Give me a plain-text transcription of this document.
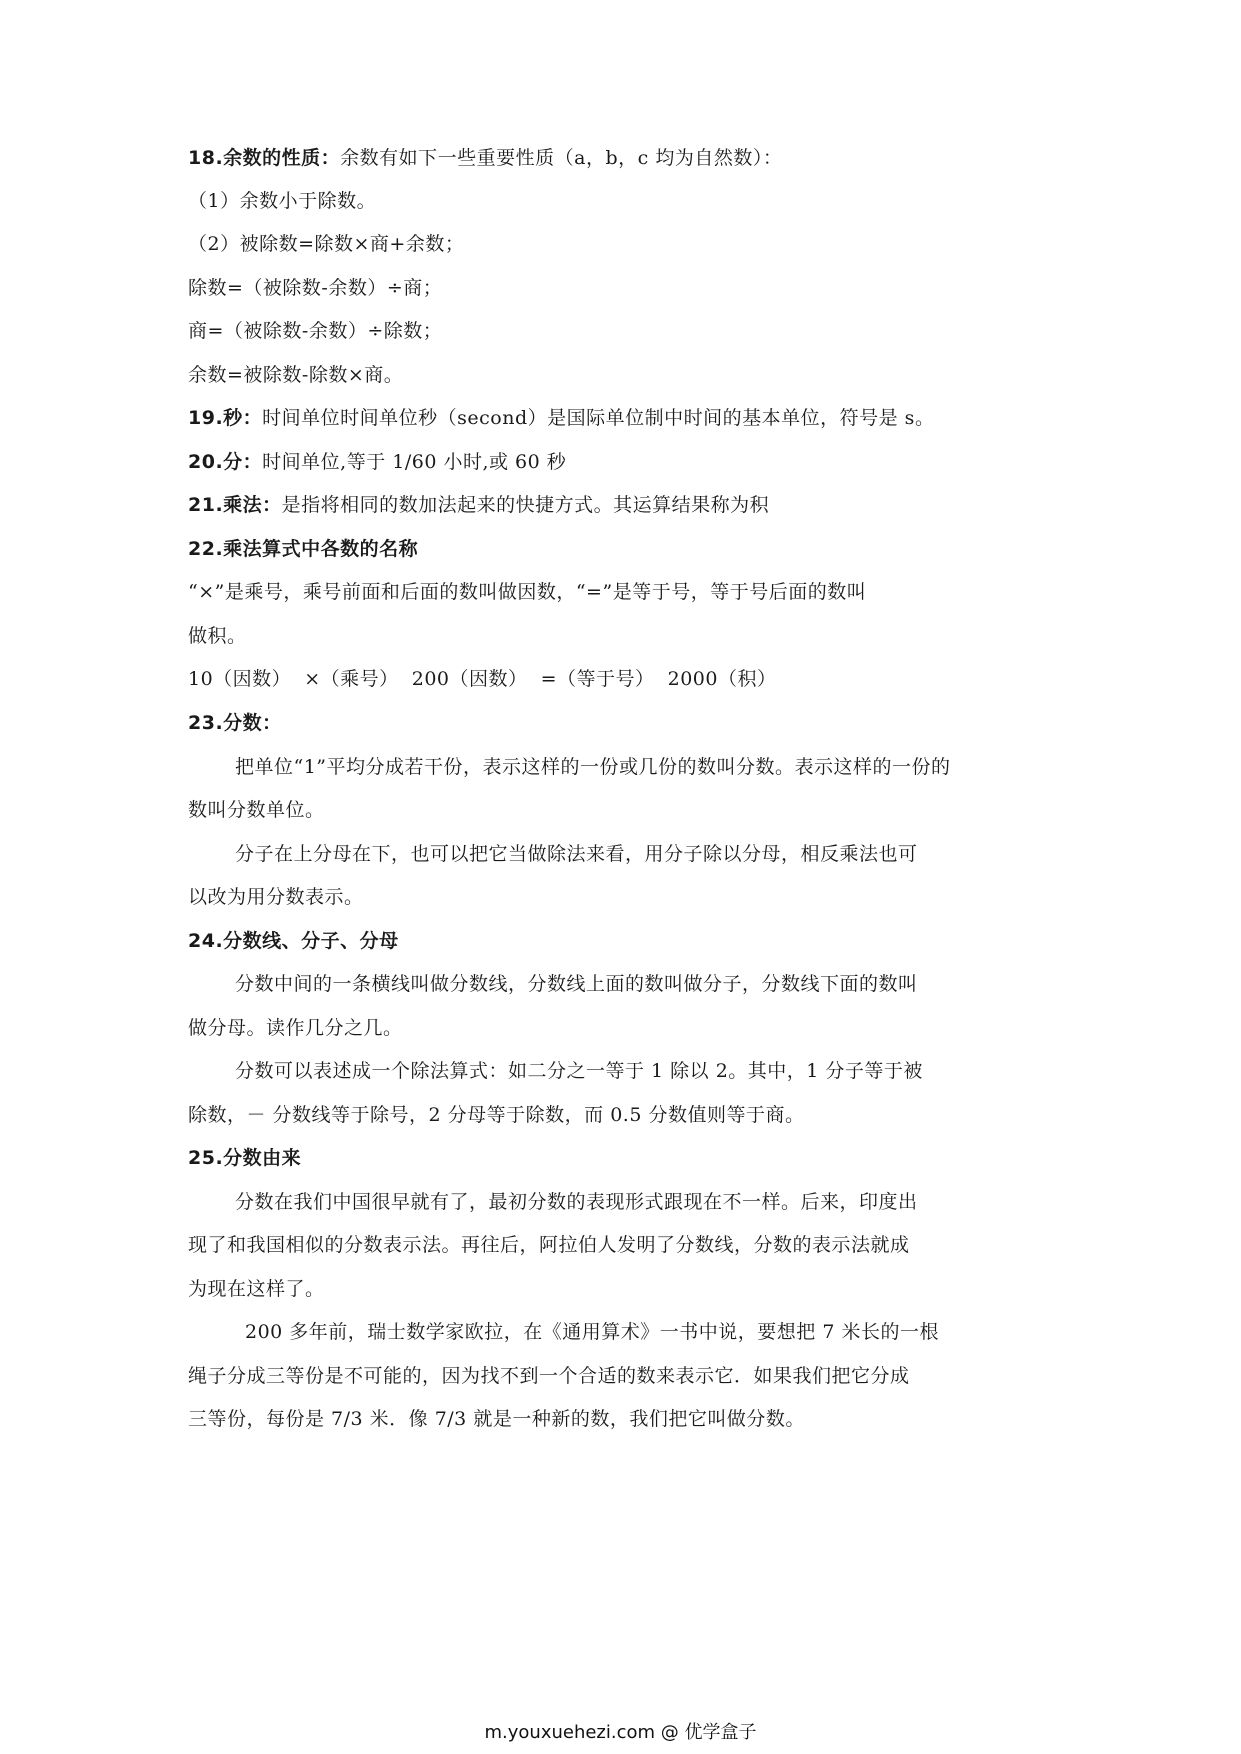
18.余数的性质：余数有如下一些重要性质（a，b，c 均为自然数）：
（1）余数小于除数。
（2）被除数=除数×商+余数；
除数=（被除数-余数）÷商；
商=（被除数-余数）÷除数；
余数=被除数-除数×商。
19.秒：时间单位时间单位秒（second）是国际单位制中时间的基本单位，符号是 s。
20.分：时间单位,等于 1/60 小时,或 60 秒
21.乘法：是指将相同的数加法起来的快捷方式。其运算结果称为积
22.乘法算式中各数的名称
“×”是乘号，乘号前面和后面的数叫做因数，“=”是等于号，等于号后面的数叫
做积。
10（因数）  ×（乘号）  200（因数）  =（等于号）  2000（积）
23.分数：
把单位“1”平均分成若干份，表示这样的一份或几份的数叫分数。表示这样的一份的
数叫分数单位。
分子在上分母在下，也可以把它当做除法来看，用分子除以分母，相反乘法也可
以改为用分数表示。
24.分数线、分子、分母
分数中间的一条横线叫做分数线，分数线上面的数叫做分子，分数线下面的数叫
做分母。读作几分之几。
分数可以表述成一个除法算式：如二分之一等于 1 除以 2。其中，1 分子等于被
除数，－ 分数线等于除号，2 分母等于除数，而 0.5 分数值则等于商。
25.分数由来
分数在我们中国很早就有了，最初分数的表现形式跟现在不一样。后来，印度出
现了和我国相似的分数表示法。再往后，阿拉伯人发明了分数线，分数的表示法就成
为现在这样了。
200 多年前，瑞士数学家欧拉，在《通用算术》一书中说，要想把 7 米长的一根
绳子分成三等份是不可能的，因为找不到一个合适的数来表示它．如果我们把它分成
三等份，每份是 7/3 米．像 7/3 就是一种新的数，我们把它叫做分数。
m.youxuehezi.com @ 优学盒子
